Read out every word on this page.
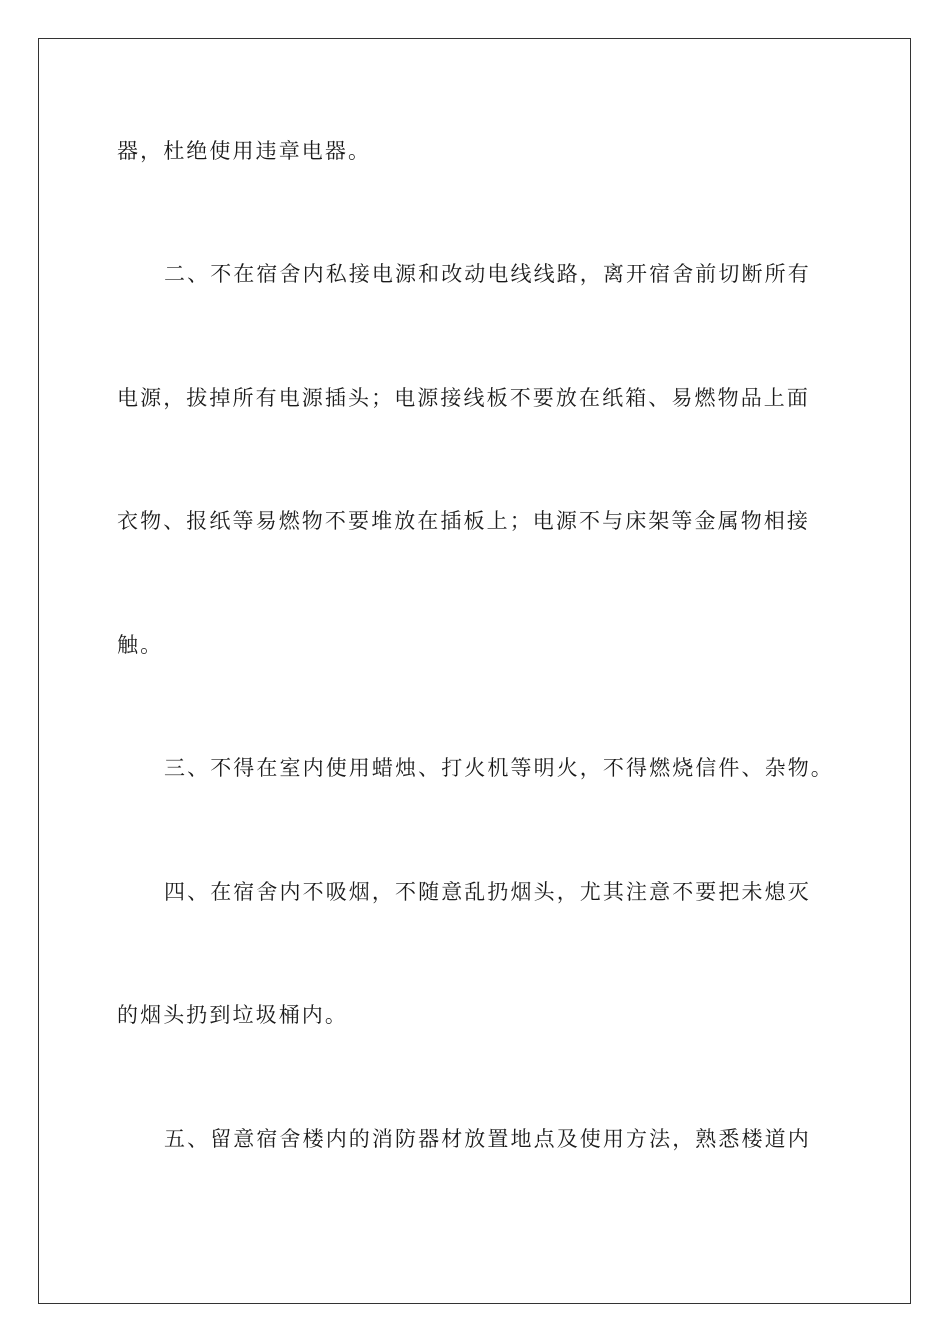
器，杜绝使用违章电器。
二、不在宿舍内私接电源和改动电线线路，离开宿舍前切断所有
电源，拔掉所有电源插头；电源接线板不要放在纸箱、易燃物品上面
衣物、报纸等易燃物不要堆放在插板上；电源不与床架等金属物相接
触。
三、不得在室内使用蜡烛、打火机等明火，不得燃烧信件、杂物。
四、在宿舍内不吸烟，不随意乱扔烟头，尤其注意不要把未熄灭
的烟头扔到垃圾桶内。
五、留意宿舍楼内的消防器材放置地点及使用方法，熟悉楼道内
